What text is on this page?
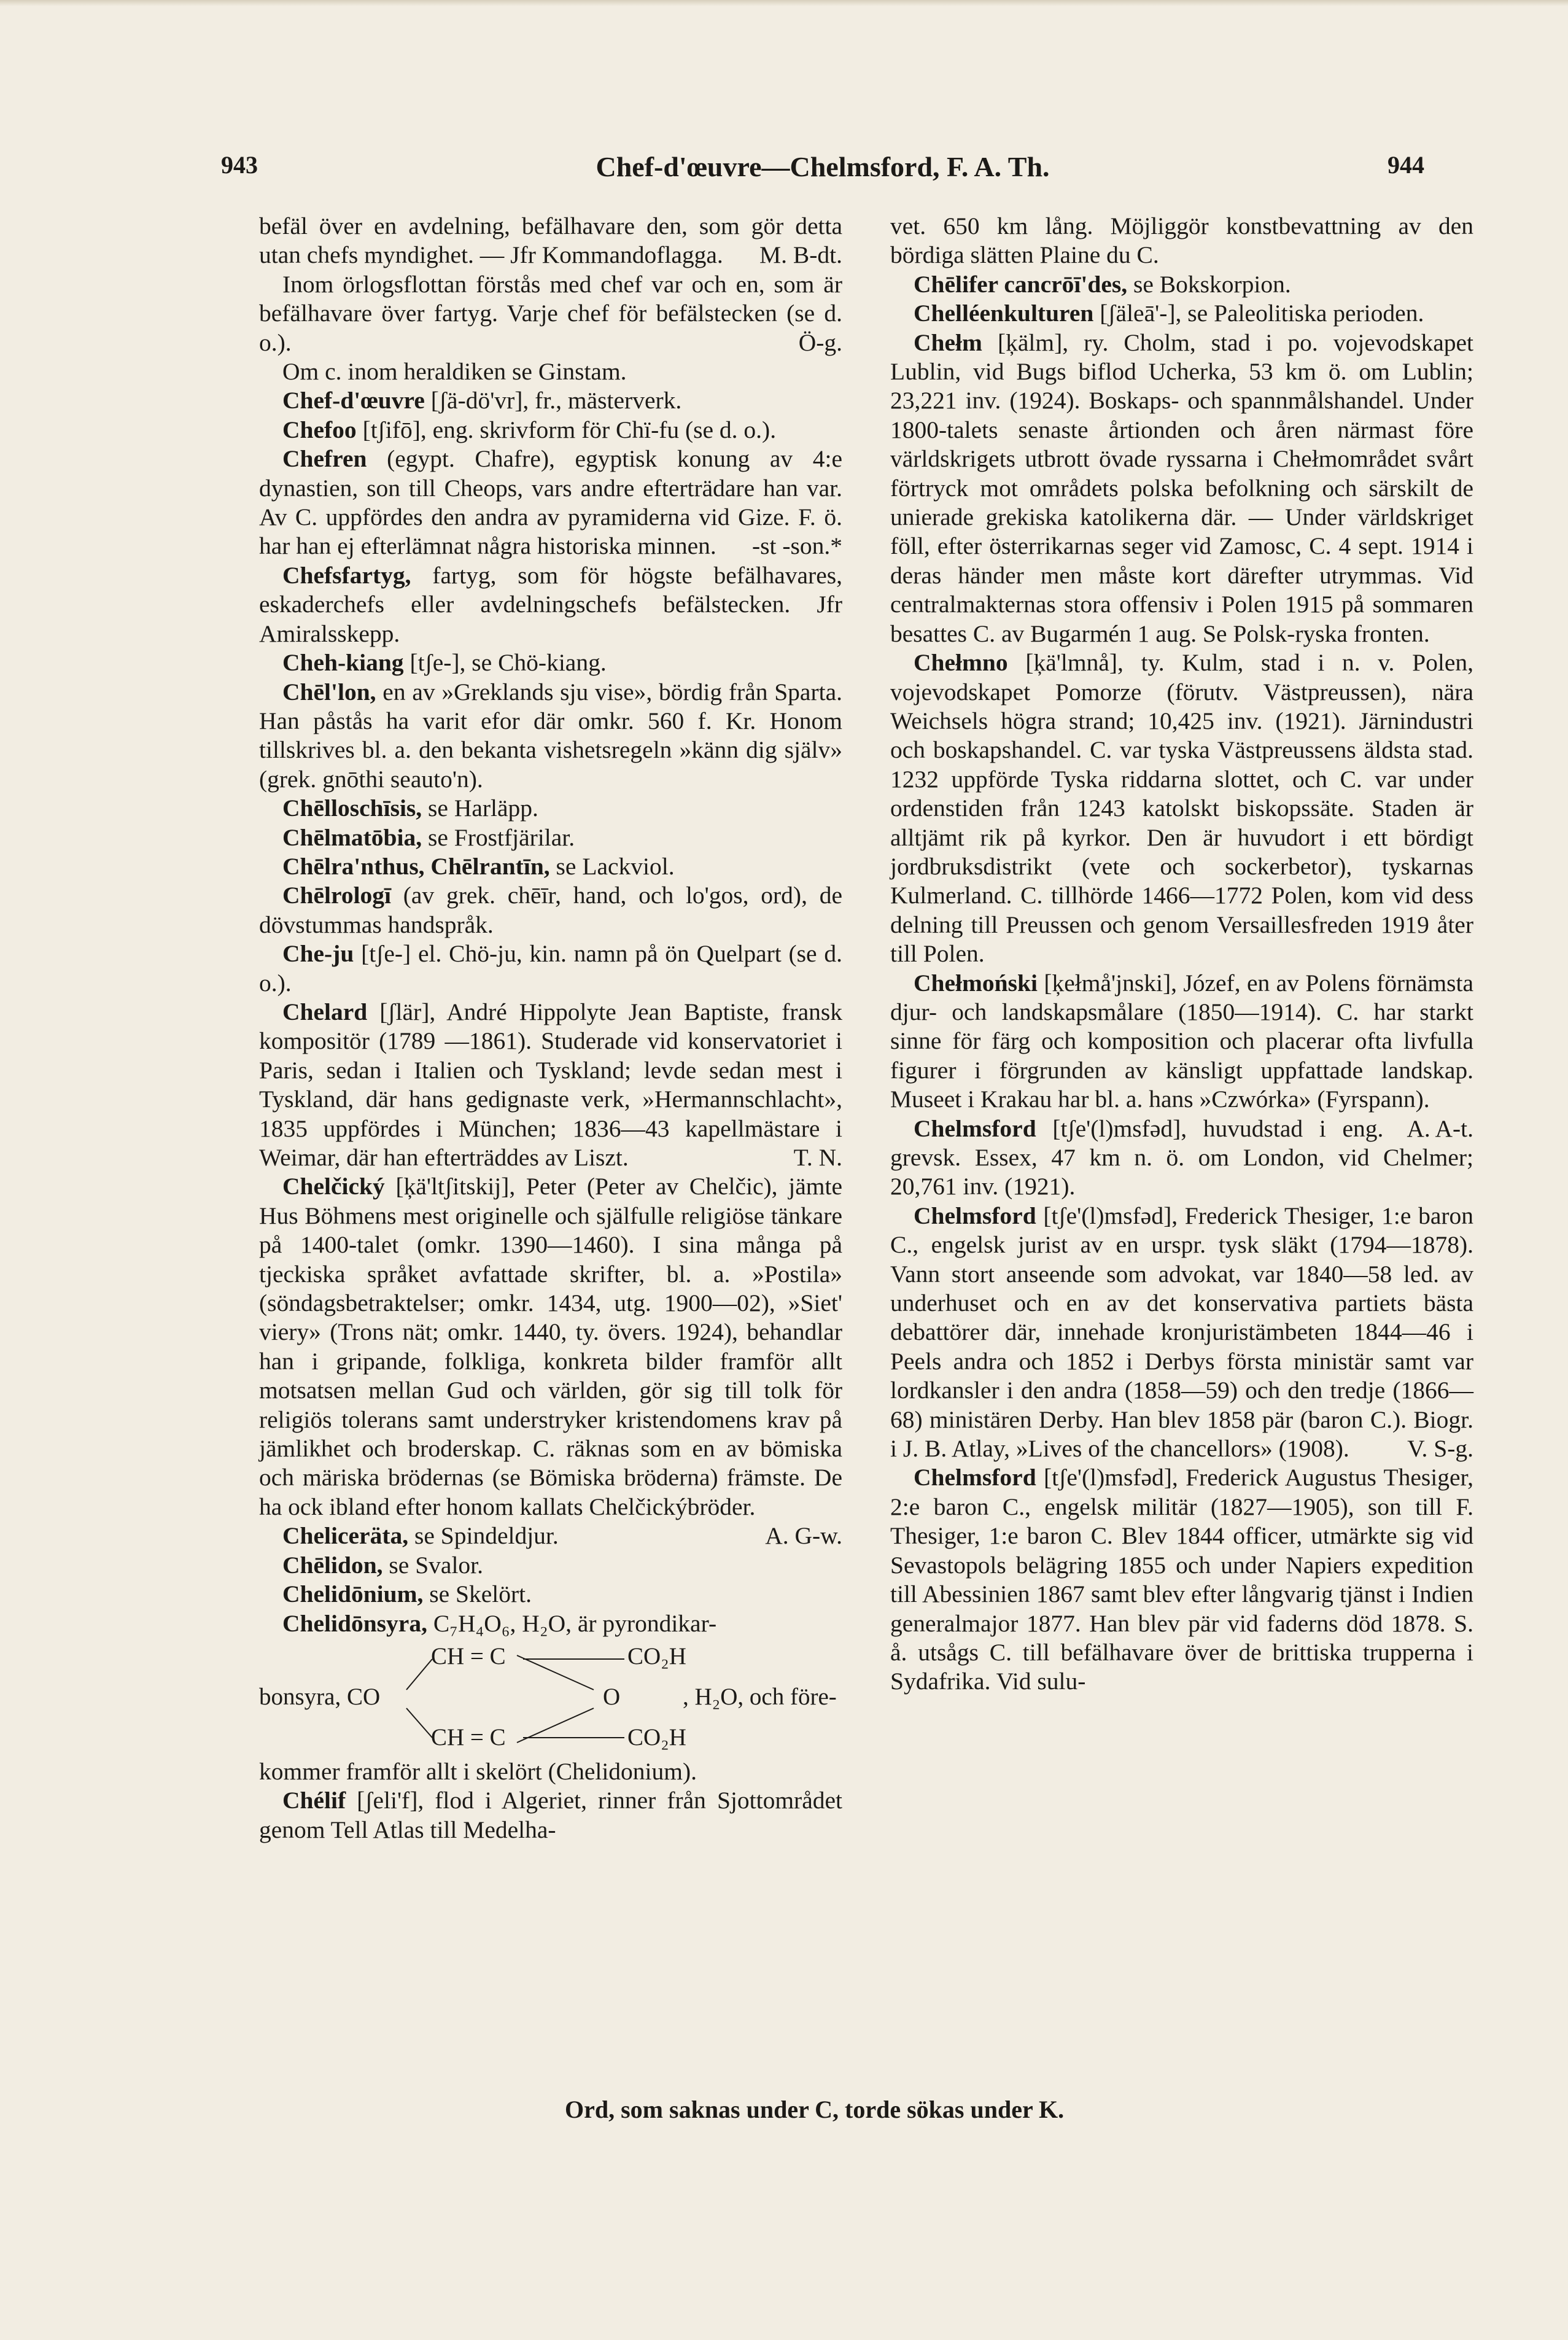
943	Chef-d'œuvre—Chelmsford, F. A. Th.	944

befäl över en avdelning, befälhavare den, som gör detta utan chefs myndighet. — Jfr Kommandoflagga. M. B-dt.

Inom örlogsflottan förstås med chef var och en, som är befälhavare över fartyg. Varje chef för befälstecken (se d. o.).	Ö-g.

Om c. inom heraldiken se Ginstam.

Chef-d'œuvre [ʃä-dö'vr], fr., mästerverk.

Chefoo [tʃifō], eng. skrivform för Chï-fu (se d. o.).

Chefren (egypt. Chafre), egyptisk konung av 4:e dynastien, son till Cheops, vars andre efterträdare han var. Av C. uppfördes den andra av pyramiderna vid Gize. F. ö. har han ej efterlämnat några historiska minnen.	-st -son.*

Chefsfartyg, fartyg, som för högste befälhavares, eskaderchefs eller avdelningschefs befälstecken. Jfr Amiralsskepp.

Cheh-kiang [tʃe-], se Chö-kiang.

Chēl'lon, en av »Greklands sju vise», bördig från Sparta. Han påstås ha varit efor där omkr. 560 f. Kr. Honom tillskrives bl. a. den bekanta vishetsregeln »känn dig själv» (grek. gnōthi seauto'n).

Chēlloschīsis, se Harläpp.

Chēlmatōbia, se Frostfjärilar.

Chēlra'nthus, Chēlrantīn, se Lackviol.

Chēlrologī (av grek. chēīr, hand, och lo'gos, ord), de dövstummas handspråk.

Che-ju [tʃe-] el. Chö-ju, kin. namn på ön Quelpart (se d. o.).

Chelard [ʃlär], André Hippolyte Jean Baptiste, fransk kompositör (1789 —1861). Studerade vid konservatoriet i Paris, sedan i Italien och Tyskland; levde sedan mest i Tyskland, där hans gedignaste verk, »Hermannschlacht», 1835 uppfördes i München; 1836—43 kapellmästare i Weimar, där han efterträddes av Liszt.	T. N.

Chelčický [ķä'ltʃitskij], Peter (Peter av Chelčic), jämte Hus Böhmens mest originelle och själfulle religiöse tänkare på 1400-talet (omkr. 1390—1460). I sina många på tjeckiska språket avfattade skrifter, bl. a. »Postila» (söndagsbetraktelser; omkr. 1434, utg. 1900—02), »Siet' viery» (Trons nät; omkr. 1440, ty. övers. 1924), behandlar han i gripande, folkliga, konkreta bilder framför allt motsatsen mellan Gud och världen, gör sig till tolk för religiös tolerans samt understryker kristendomens krav på jämlikhet och broderskap. C. räknas som en av bömiska och märiska brödernas (se Bömiska bröderna) främste. De ha ock ibland efter honom kallats Chelčickýbröder.
A. G-w.

Cheliceräta, se Spindeldjur.

Chēlidon, se Svalor.

Chelidōnium, se Skelört.

Chelidōnsyra, C₇H₄O₆, H₂O, är pyrondikar-

CH = C	CO₂H
bonsyra, CO	O	, H₂O, och före-
CH = C	CO₂H

kommer framför allt i skelört (Chelidonium).

Chélif [ʃeli'f], flod i Algeriet, rinner från Sjottområdet genom Tell Atlas till Medelha-

vet. 650 km lång. Möjliggör konstbevattning av den bördiga slätten Plaine du C.

Chēlifer cancrōī'des, se Bokskorpion.

Chelléenkulturen [ʃäleā'-], se Paleolitiska perioden.

Chełm [ķälm], ry. Cholm, stad i po. vojevodskapet Lublin, vid Bugs biflod Ucherka, 53 km ö. om Lublin; 23,221 inv. (1924). Boskaps- och spannmålshandel. Under 1800-talets senaste årtionden och åren närmast före världskrigets utbrott övade ryssarna i Chełmområdet svårt förtryck mot områdets polska befolkning och särskilt de unierade grekiska katolikerna där. — Under världskriget föll, efter österrikarnas seger vid Zamosc, C. 4 sept. 1914 i deras händer men måste kort därefter utrymmas. Vid centralmakternas stora offensiv i Polen 1915 på sommaren besattes C. av Bugarmén 1 aug. Se Polsk-ryska fronten.

Chełmno [ķä'lmnå], ty. Kulm, stad i n. v. Polen, vojevodskapet Pomorze (förutv. Västpreussen), nära Weichsels högra strand; 10,425 inv. (1921). Järnindustri och boskapshandel. C. var tyska Västpreussens äldsta stad. 1232 uppförde Tyska riddarna slottet, och C. var under ordenstiden från 1243 katolskt biskopssäte. Staden är alltjämt rik på kyrkor. Den är huvudort i ett bördigt jordbruksdistrikt (vete och sockerbetor), tyskarnas Kulmerland. C. tillhörde 1466—1772 Polen, kom vid dess delning till Preussen och genom Versaillesfreden 1919 åter till Polen.

Chełmoński [ķełmå'jnski], Józef, en av Polens förnämsta djur- och landskapsmålare (1850—1914). C. har starkt sinne för färg och komposition och placerar ofta livfulla figurer i förgrunden av känsligt uppfattade landskap. Museet i Krakau har bl. a. hans »Czwórka» (Fyrspann).
A. A-t.

Chelmsford [tʃe'(l)msfəd], huvudstad i eng. grevsk. Essex, 47 km n. ö. om London, vid Chelmer; 20,761 inv. (1921).

Chelmsford [tʃe'(l)msfəd], Frederick Thesiger, 1:e baron C., engelsk jurist av en urspr. tysk släkt (1794—1878). Vann stort anseende som advokat, var 1840—58 led. av underhuset och en av det konservativa partiets bästa debattörer där, innehade kronjuristämbeten 1844—46 i Peels andra och 1852 i Derbys första ministär samt var lordkansler i den andra (1858—59) och den tredje (1866—68) ministären Derby. Han blev 1858 pär (baron C.). Biogr. i J. B. Atlay, »Lives of the chancellors» (1908).	V. S-g.

Chelmsford [tʃe'(l)msfəd], Frederick Augustus Thesiger, 2:e baron C., engelsk militär (1827—1905), son till F. Thesiger, 1:e baron C. Blev 1844 officer, utmärkte sig vid Sevastopols belägring 1855 och under Napiers expedition till Abessinien 1867 samt blev efter långvarig tjänst i Indien generalmajor 1877. Han blev pär vid faderns död 1878. S. å. utsågs C. till befälhavare över de brittiska trupperna i Sydafrika. Vid sulu-

Ord, som saknas under C, torde sökas under K.
